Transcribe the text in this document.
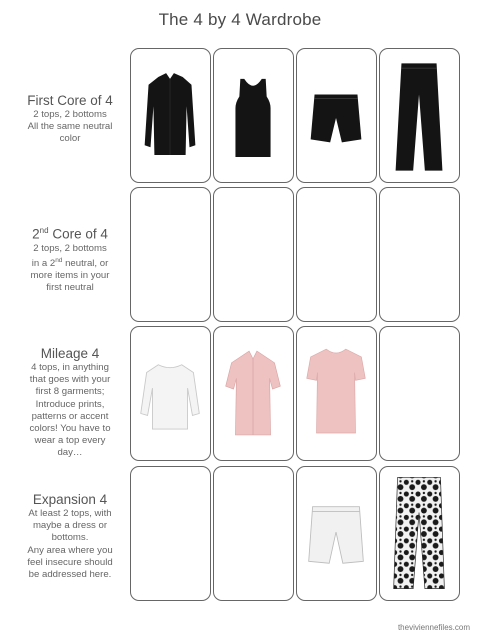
The 4 by 4 Wardrobe
First Core of 4
2 tops, 2 bottoms
All the same neutral
color
2nd Core of 4
2 tops, 2 bottoms
in a 2nd neutral, or
more items in your
first neutral
Mileage 4
4 tops, in anything
that goes with your
first 8 garments;
Introduce prints,
patterns or accent
colors! You have to
wear a top every
day…
Expansion 4
At least 2 tops, with
maybe a dress or
bottoms.
Any area where you
feel insecure should
be addressed here.
theviviennefiles.com
